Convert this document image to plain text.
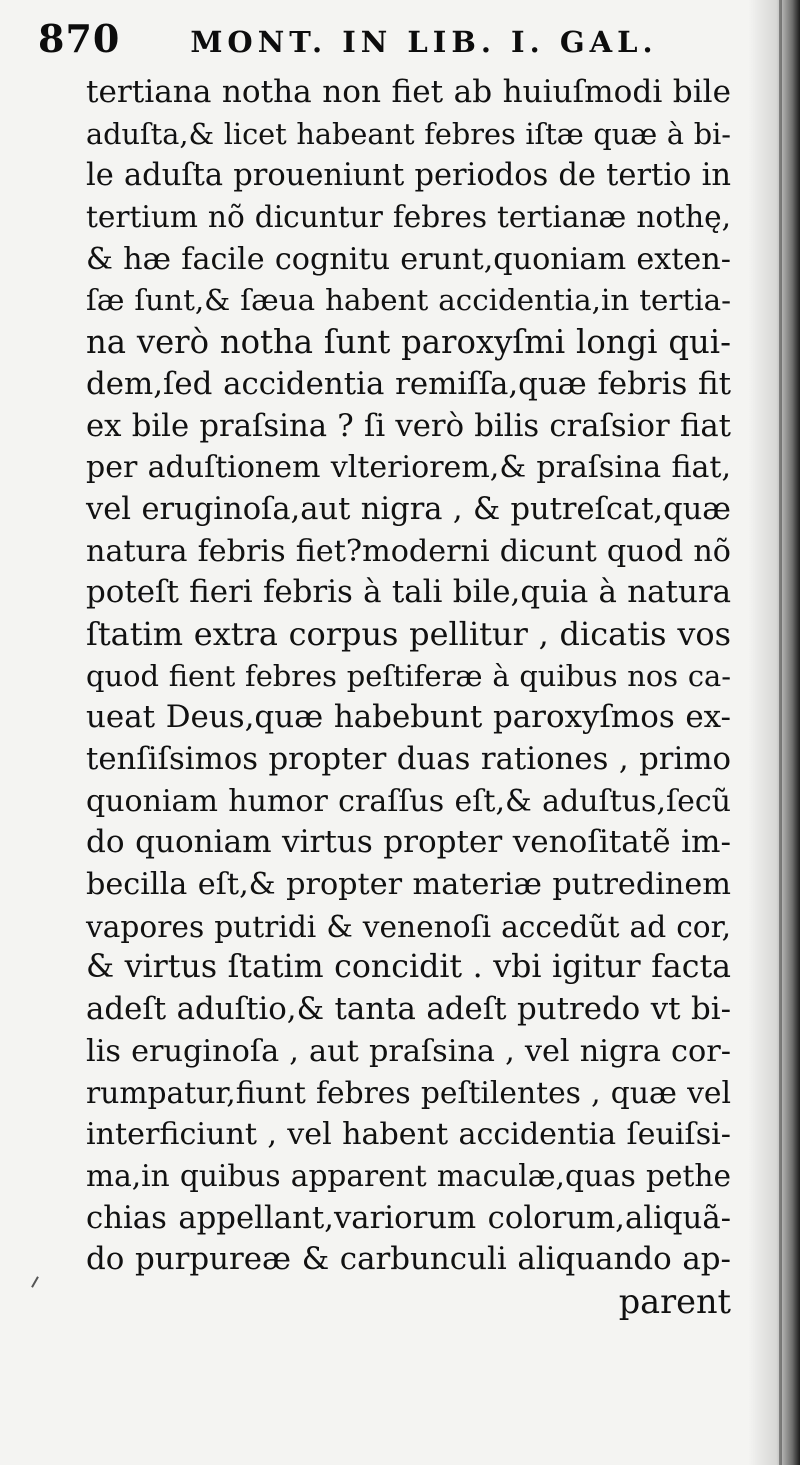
870 MONT. IN LIB. I. GAL.
tertiana notha non fiet ab huiuſmodi bile
aduſta,& licet habeant febres iſtæ quæ à bi-
le aduſta proueniunt periodos de tertio in
tertium nõ dicuntur febres tertianæ nothę,
& hæ facile cognitu erunt,quoniam exten-
ſæ ſunt,& ſæua habent accidentia,in tertia-
na verò notha ſunt paroxyſmi longi qui-
dem,ſed accidentia remiſſa,quæ febris fit
ex bile praſsina ? ſi verò bilis craſsior fiat
per aduſtionem vlteriorem,& praſsina fiat,
vel eruginoſa,aut nigra , & putreſcat,quæ
natura febris fiet?moderni dicunt quod nõ
poteſt fieri febris à tali bile,quia à natura
ſtatim extra corpus pellitur , dicatis vos
quod fient febres peſtiferæ à quibus nos ca-
ueat Deus,quæ habebunt paroxyſmos ex-
tenſiſsimos propter duas rationes , primo
quoniam humor craſſus eſt,& aduſtus,ſecũ
do quoniam virtus propter venoſitatẽ im-
becilla eſt,& propter materiæ putredinem
vapores putridi & venenoſi accedũt ad cor,
& virtus ſtatim concidit . vbi igitur facta
adeſt aduſtio,& tanta adeſt putredo vt bi-
lis eruginoſa , aut praſsina , vel nigra cor-
rumpatur,fiunt febres peſtilentes , quæ vel
interficiunt , vel habent accidentia ſeuiſsi-
ma,in quibus apparent maculæ,quas pethe
chias appellant,variorum colorum,aliquã-
do purpureæ & carbunculi aliquando ap-
parent
